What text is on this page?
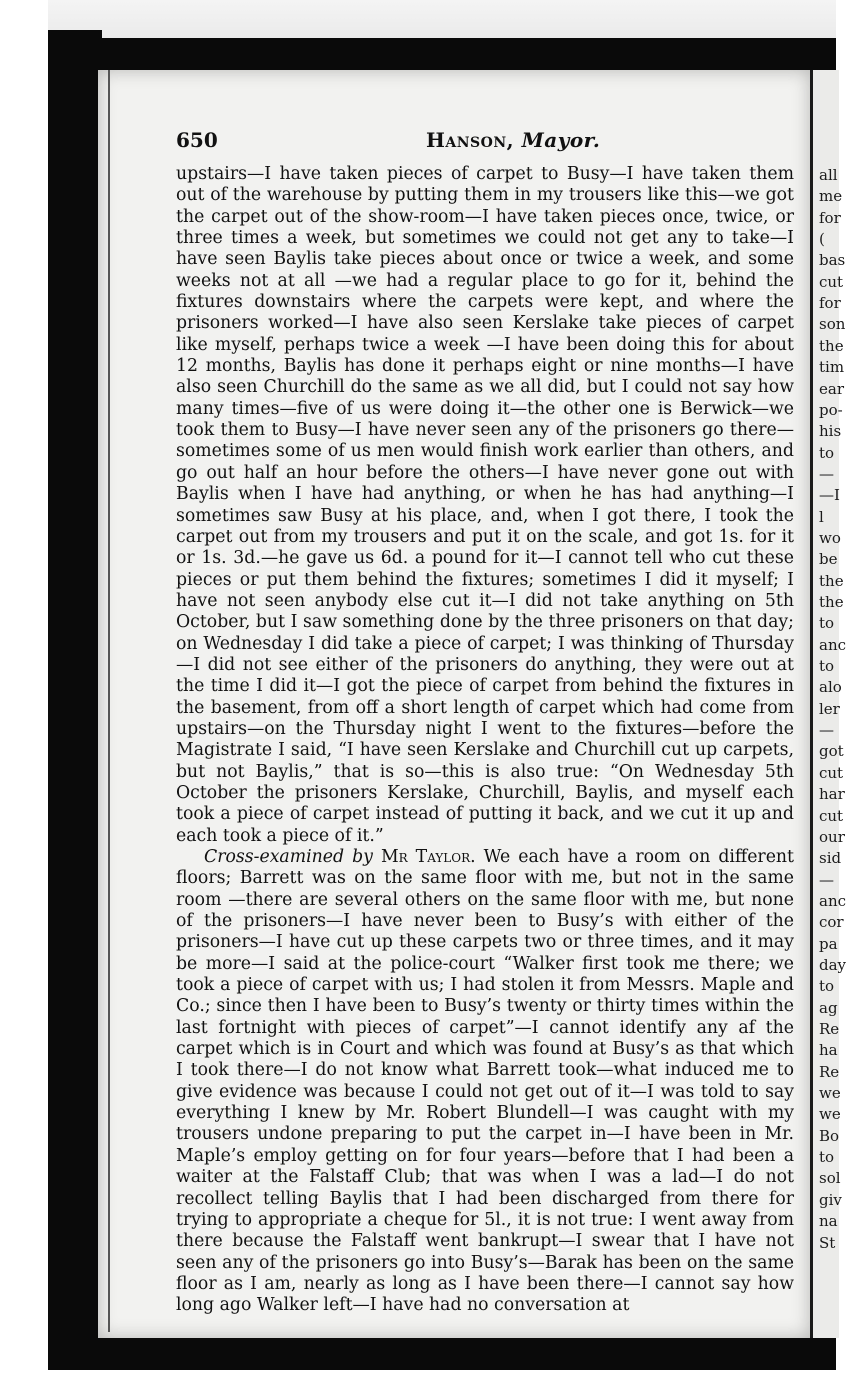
all
me
for
(
bas
cut
for
son
the
tim
ear
po-
his
to
—
—I
l
wo
be
the
the
to
anc
to
alo
ler
—
got
cut
har
cut
our
sid
—
anc
cor
pa
day
to
ag
Re
ha
Re
we
we
Bo
to
sol
giv
na
St
650	Hanson, Mayor.

upstairs—I have taken pieces of carpet to Busy—I have taken them out of the warehouse by putting them in my trousers like this—we got the carpet out of the show-room—I have taken pieces once, twice, or three times a week, but sometimes we could not get any to take—I have seen Baylis take pieces about once or twice a week, and some weeks not at all —we had a regular place to go for it, behind the fixtures downstairs where the carpets were kept, and where the prisoners worked—I have also seen Kerslake take pieces of carpet like myself, perhaps twice a week —I have been doing this for about 12 months, Baylis has done it perhaps eight or nine months—I have also seen Churchill do the same as we all did, but I could not say how many times—five of us were doing it—the other one is Berwick—we took them to Busy—I have never seen any of the prisoners go there—sometimes some of us men would finish work earlier than others, and go out half an hour before the others—I have never gone out with Baylis when I have had anything, or when he has had anything—I sometimes saw Busy at his place, and, when I got there, I took the carpet out from my trousers and put it on the scale, and got 1s. for it or 1s. 3d.—he gave us 6d. a pound for it—I cannot tell who cut these pieces or put them behind the fixtures; sometimes I did it myself; I have not seen anybody else cut it—I did not take anything on 5th October, but I saw something done by the three prisoners on that day; on Wednesday I did take a piece of carpet; I was thinking of Thursday —I did not see either of the prisoners do anything, they were out at the time I did it—I got the piece of carpet from behind the fixtures in the basement, from off a short length of carpet which had come from upstairs—on the Thursday night I went to the fixtures—before the Magistrate I said, “I have seen Kerslake and Churchill cut up carpets, but not Baylis,” that is so—this is also true: “On Wednesday 5th October the prisoners Kerslake, Churchill, Baylis, and myself each took a piece of carpet instead of putting it back, and we cut it up and each took a piece of it.”

Cross-examined by Mr Taylor. We each have a room on different floors; Barrett was on the same floor with me, but not in the same room —there are several others on the same floor with me, but none of the prisoners—I have never been to Busy’s with either of the prisoners—I have cut up these carpets two or three times, and it may be more—I said at the police-court “Walker first took me there; we took a piece of carpet with us; I had stolen it from Messrs. Maple and Co.; since then I have been to Busy’s twenty or thirty times within the last fortnight with pieces of carpet”—I cannot identify any af the carpet which is in Court and which was found at Busy’s as that which I took there—I do not know what Barrett took—what induced me to give evidence was because I could not get out of it—I was told to say everything I knew by Mr. Robert Blundell—I was caught with my trousers undone preparing to put the carpet in—I have been in Mr. Maple’s employ getting on for four years—before that I had been a waiter at the Falstaff Club; that was when I was a lad—I do not recollect telling Baylis that I had been discharged from there for trying to appropriate a cheque for 5l., it is not true: I went away from there because the Falstaff went bankrupt—I swear that I have not seen any of the prisoners go into Busy’s—Barak has been on the same floor as I am, nearly as long as I have been there—I cannot say how long ago Walker left—I have had no conversation at
